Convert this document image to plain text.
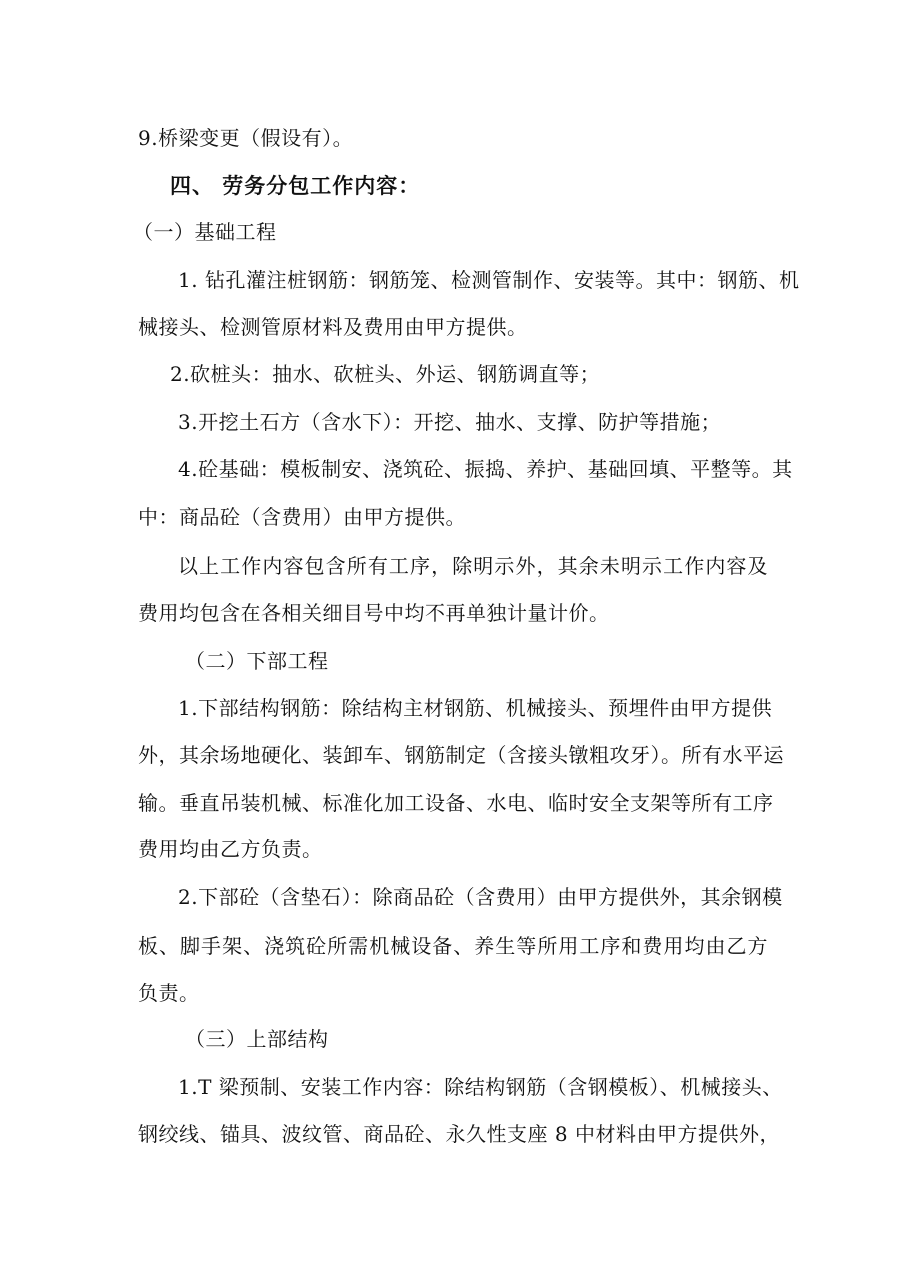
9.桥梁变更（假设有）。
四、 劳务分包工作内容：
（一）基础工程
1. 钻孔灌注桩钢筋：钢筋笼、检测管制作、安装等。其中：钢筋、机
械接头、检测管原材料及费用由甲方提供。
2.砍桩头：抽水、砍桩头、外运、钢筋调直等；
3.开挖土石方（含水下）：开挖、抽水、支撑、防护等措施；
4.砼基础：模板制安、浇筑砼、振捣、养护、基础回填、平整等。其
中：商品砼（含费用）由甲方提供。
以上工作内容包含所有工序，除明示外，其余未明示工作内容及
费用均包含在各相关细目号中均不再单独计量计价。
（二）下部工程
1.下部结构钢筋：除结构主材钢筋、机械接头、预埋件由甲方提供
外，其余场地硬化、装卸车、钢筋制定（含接头镦粗攻牙）。所有水平运
输。垂直吊装机械、标准化加工设备、水电、临时安全支架等所有工序
费用均由乙方负责。
2.下部砼（含垫石）：除商品砼（含费用）由甲方提供外，其余钢模
板、脚手架、浇筑砼所需机械设备、养生等所用工序和费用均由乙方
负责。
（三）上部结构
1.T 梁预制、安装工作内容：除结构钢筋（含钢模板）、机械接头、
钢绞线、锚具、波纹管、商品砼、永久性支座 8 中材料由甲方提供外，
